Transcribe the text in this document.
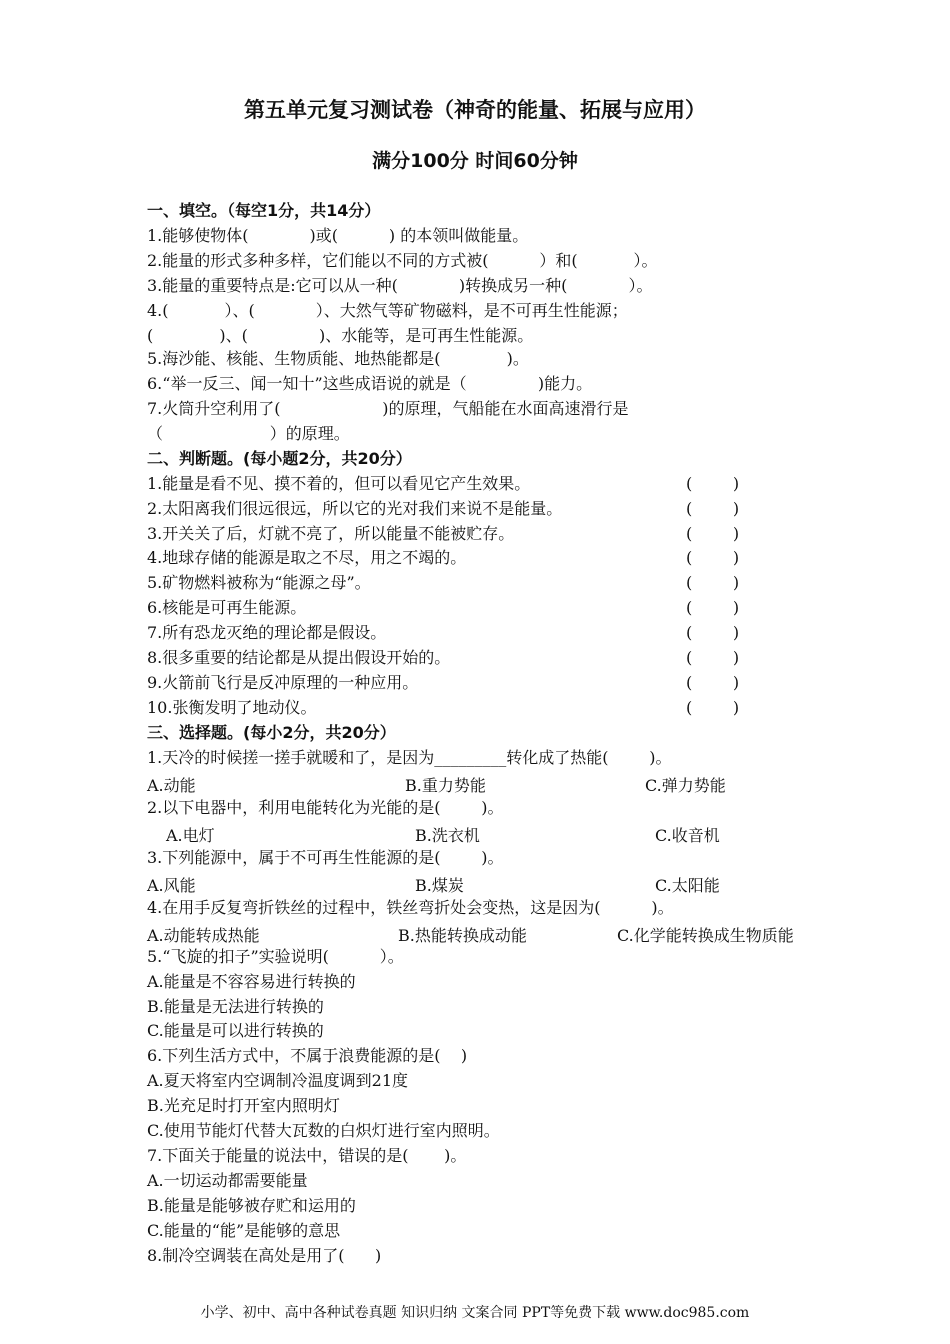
第五单元复习测试卷（神奇的能量、拓展与应用）
满分100分 时间60分钟
一、填空。（每空1分，共14分）
1.能够使物体(            )或(          ) 的本领叫做能量。
2.能量的形式多种多样，它们能以不同的方式被(          ）和(           ）。
3.能量的重要特点是:它可以从一种(            )转换成另一种(            ）。
4.(           ）、(            ）、大然气等矿物磁料，是不可再生性能源；
(             )、(              )、水能等，是可再生性能源。
5.海沙能、核能、生物质能、地热能都是(             )。
6.“举一反三、闻一知十”这些成语说的就是（              )能力。
7.火筒升空利用了(                    )的原理，气船能在水面高速滑行是
（                     ）的原理。
二、判断题。(每小题2分，共20分）
1.能量是看不见、摸不着的，但可以看见它产生效果。	(        )
2.太阳离我们很远很远，所以它的光对我们来说不是能量。	(        )
3.开关关了后，灯就不亮了，所以能量不能被贮存。	(        )
4.地球存储的能源是取之不尽，用之不竭的。	(        )
5.矿物燃料被称为“能源之母”。	(        )
6.核能是可再生能源。	(        )
7.所有恐龙灭绝的理论都是假设。	(        )
8.很多重要的结论都是从提出假设开始的。	(        )
9.火箭前飞行是反冲原理的一种应用。	(        )
10.张衡发明了地动仪。	(        )
三、选择题。(每小2分，共20分）
1.天冷的时候搓一搓手就暖和了，是因为_________转化成了热能(        )。
A.动能	B.重力势能	C.弹力势能
2.以下电器中，利用电能转化为光能的是(        )。
A.电灯	B.洗衣机	C.收音机
3.下列能源中，属于不可再生性能源的是(        )。
A.风能	B.煤炭	C.太阳能
4.在用手反复弯折铁丝的过程中，铁丝弯折处会变热，这是因为(          )。
A.动能转成热能	B.热能转换成动能	C.化学能转换成生物质能
5.“飞旋的扣子”实验说明(          ）。
A.能量是不容容易进行转换的
B.能量是无法进行转换的
C.能量是可以进行转换的
6.下列生活方式中，不属于浪费能源的是(    )
A.夏天将室内空调制冷温度调到21度
B.光充足时打开室内照明灯
C.使用节能灯代替大瓦数的白炽灯进行室内照明。
7.下面关于能量的说法中，错误的是(       )。
A.一切运动都需要能量
B.能量是能够被存贮和运用的
C.能量的“能”是能够的意思
8.制冷空调装在高处是用了(      )
小学、初中、高中各种试卷真题 知识归纳 文案合同 PPT等免费下载 www.doc985.com
